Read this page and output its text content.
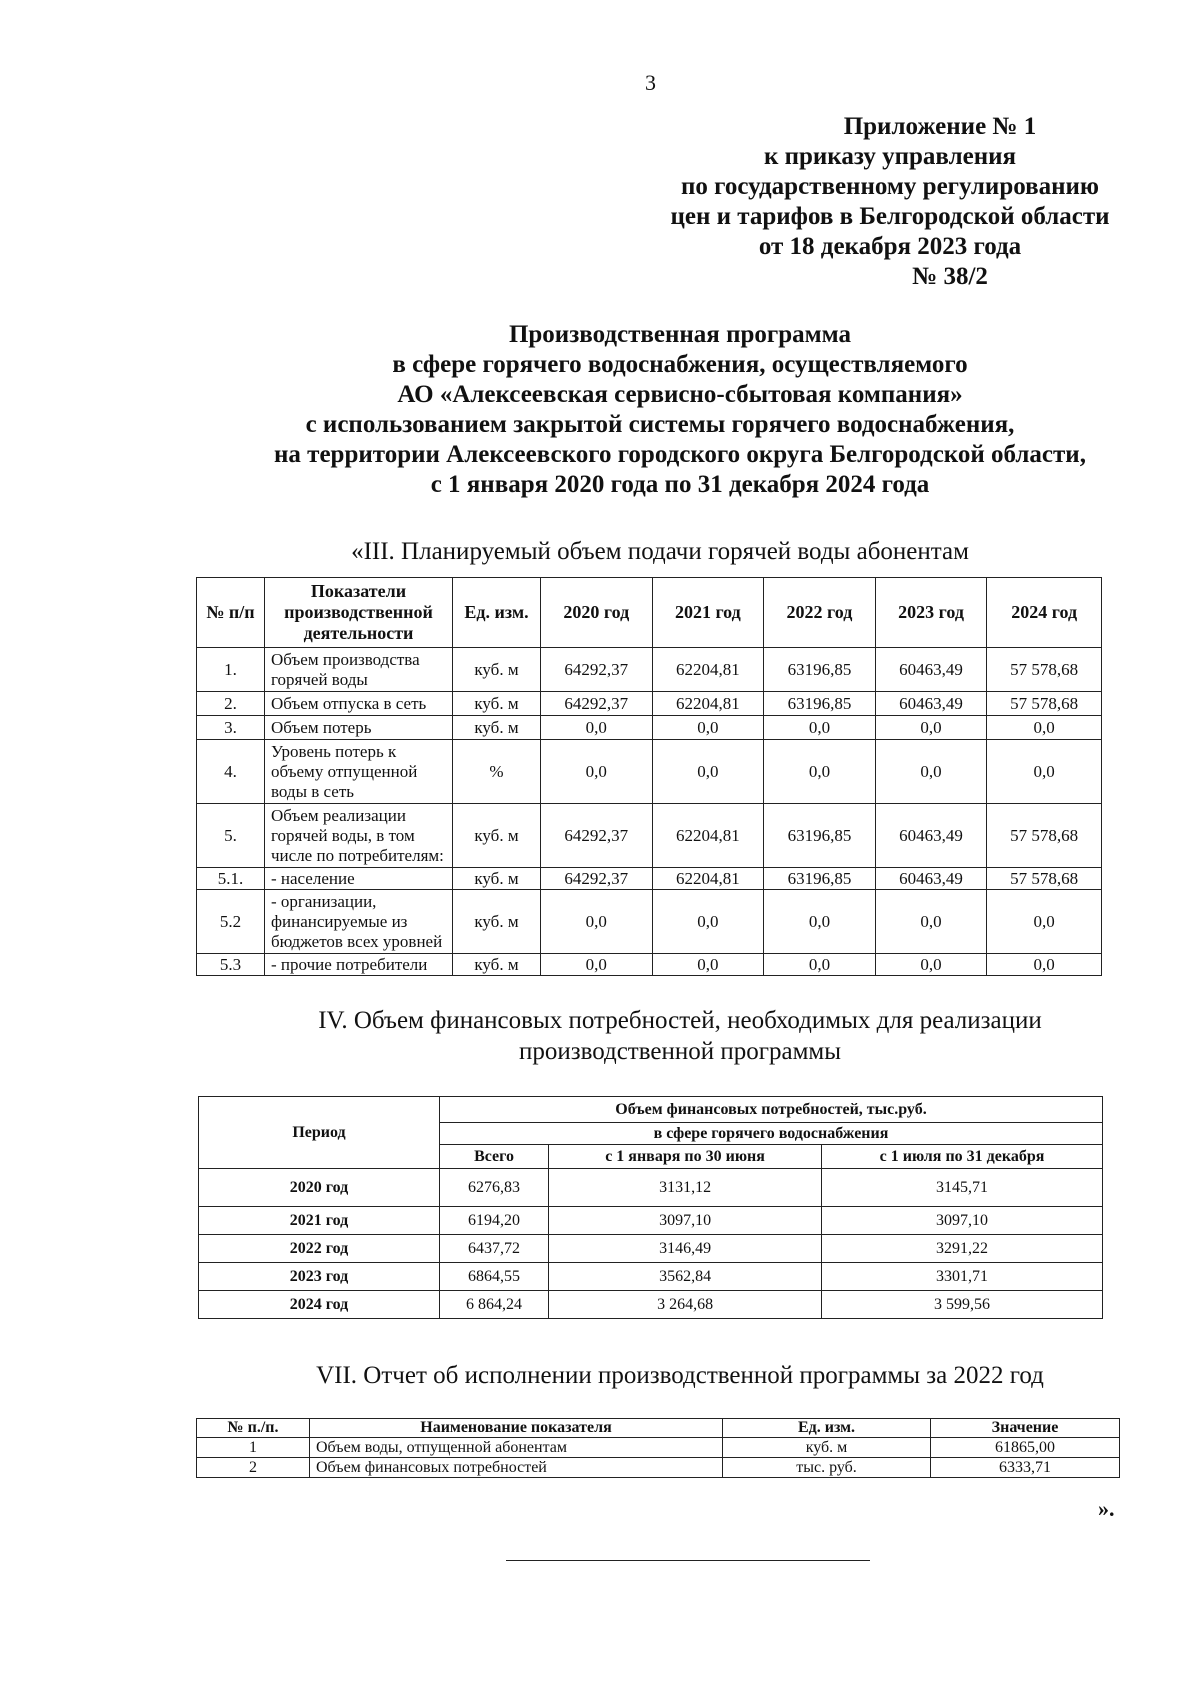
3
Приложение № 1
к приказу управления
по государственному регулированию
цен и тарифов в Белгородской области
от 18 декабря 2023 года
№ 38/2
Производственная программа
в сфере горячего водоснабжения, осуществляемого
АО «Алексеевская сервисно-сбытовая компания»
с использованием закрытой системы горячего водоснабжения,
на территории Алексеевского городского округа Белгородской области,
с 1 января 2020 года по 31 декабря 2024 года
«III. Планируемый объем подачи горячей воды абонентам
№ п/п	Показатели производственной деятельности	Ед. изм.	2020 год	2021 год	2022 год	2023 год	2024 год
1.	Объем производства горячей воды	куб. м	64292,37	62204,81	63196,85	60463,49	57 578,68
2.	Объем отпуска в сеть	куб. м	64292,37	62204,81	63196,85	60463,49	57 578,68
3.	Объем потерь	куб. м	0,0	0,0	0,0	0,0	0,0
4.	Уровень потерь к объему отпущенной воды в сеть	%	0,0	0,0	0,0	0,0	0,0
5.	Объем реализации горячей воды, в том числе по потребителям:	куб. м	64292,37	62204,81	63196,85	60463,49	57 578,68
5.1.	- население	куб. м	64292,37	62204,81	63196,85	60463,49	57 578,68
5.2	- организации, финансируемые из бюджетов всех уровней	куб. м	0,0	0,0	0,0	0,0	0,0
5.3	- прочие потребители	куб. м	0,0	0,0	0,0	0,0	0,0
IV. Объем финансовых потребностей, необходимых для реализации
производственной программы
Период	Объем финансовых потребностей, тыс.руб.		
	в сфере горячего водоснабжения		
	Всего	с 1 января по 30 июня	с 1 июля по 31 декабря
2020 год	6276,83	3131,12	3145,71
2021 год	6194,20	3097,10	3097,10
2022 год	6437,72	3146,49	3291,22
2023 год	6864,55	3562,84	3301,71
2024 год	6 864,24	3 264,68	3 599,56
VII. Отчет об исполнении производственной программы за 2022 год
№ п./п.	Наименование показателя	Ед. изм.	Значение
1	Объем воды, отпущенной абонентам	куб. м	61865,00
2	Объем финансовых потребностей	тыс. руб.	6333,71
».
